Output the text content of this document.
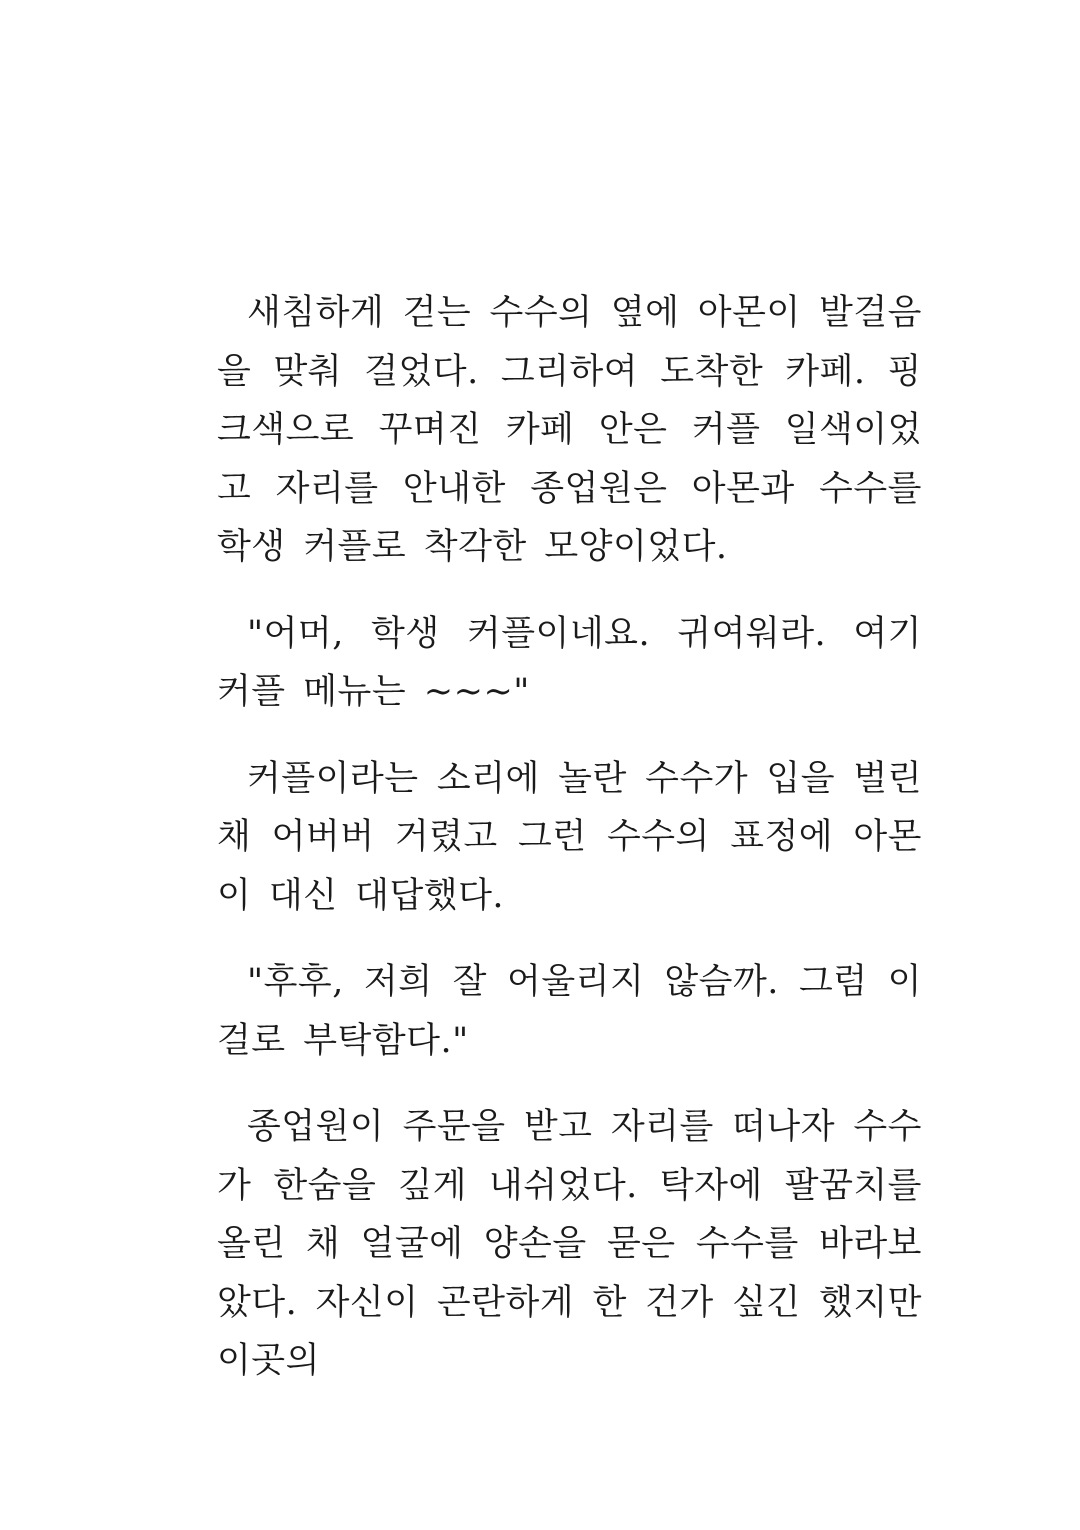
새침하게 걷는 수수의 옆에 아몬이 발걸음을 맞춰 걸었다. 그리하여 도착한 카페. 핑크색으로 꾸며진 카페 안은 커플 일색이었고 자리를 안내한 종업원은 아몬과 수수를 학생 커플로 착각한 모양이었다.

"어머, 학생 커플이네요. 귀여워라. 여기 커플 메뉴는 ~~~"

커플이라는 소리에 놀란 수수가 입을 벌린 채 어버버 거렸고 그런 수수의 표정에 아몬이 대신 대답했다.

"후후, 저희 잘 어울리지 않슴까. 그럼 이걸로 부탁함다."

종업원이 주문을 받고 자리를 떠나자 수수가 한숨을 깊게 내쉬었다. 탁자에 팔꿈치를 올린 채 얼굴에 양손을 묻은 수수를 바라보았다. 자신이 곤란하게 한 건가 싶긴 했지만 이곳의
